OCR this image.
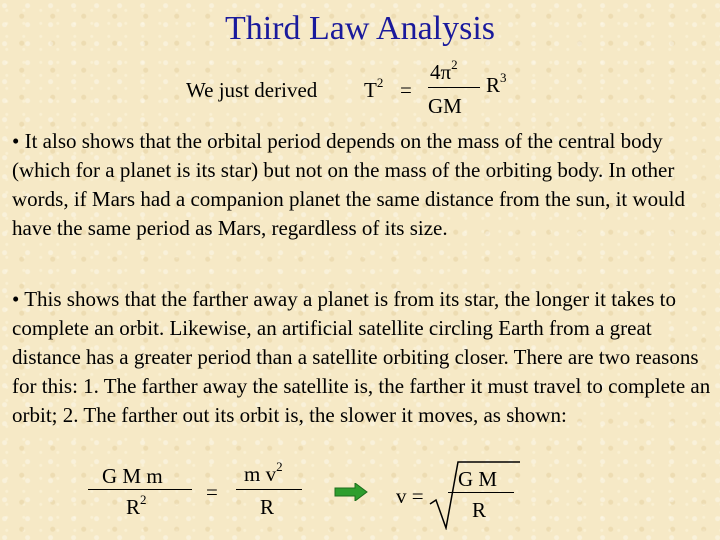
Third Law Analysis
We just derived $T^2$ =
$4\pi^2$
GM
$R^3$
• It also shows that the orbital period depends on the mass of the central body (which for a planet is its star) but not on the mass of the orbiting body. In other words, if Mars had a companion planet the same distance from the sun, it would have the same period as Mars, regardless of its size.
• This shows that the farther away a planet is from its star, the longer it takes to complete an orbit. Likewise, an artificial satellite circling Earth from a great distance has a greater period than a satellite orbiting closer. There are two reasons for this: 1. The farther away the satellite is, the farther it must travel to complete an orbit; 2. The farther out its orbit is, the slower it moves, as shown:
G M m
$R^2$	=
m $v^2$
R	v =
G M
R
